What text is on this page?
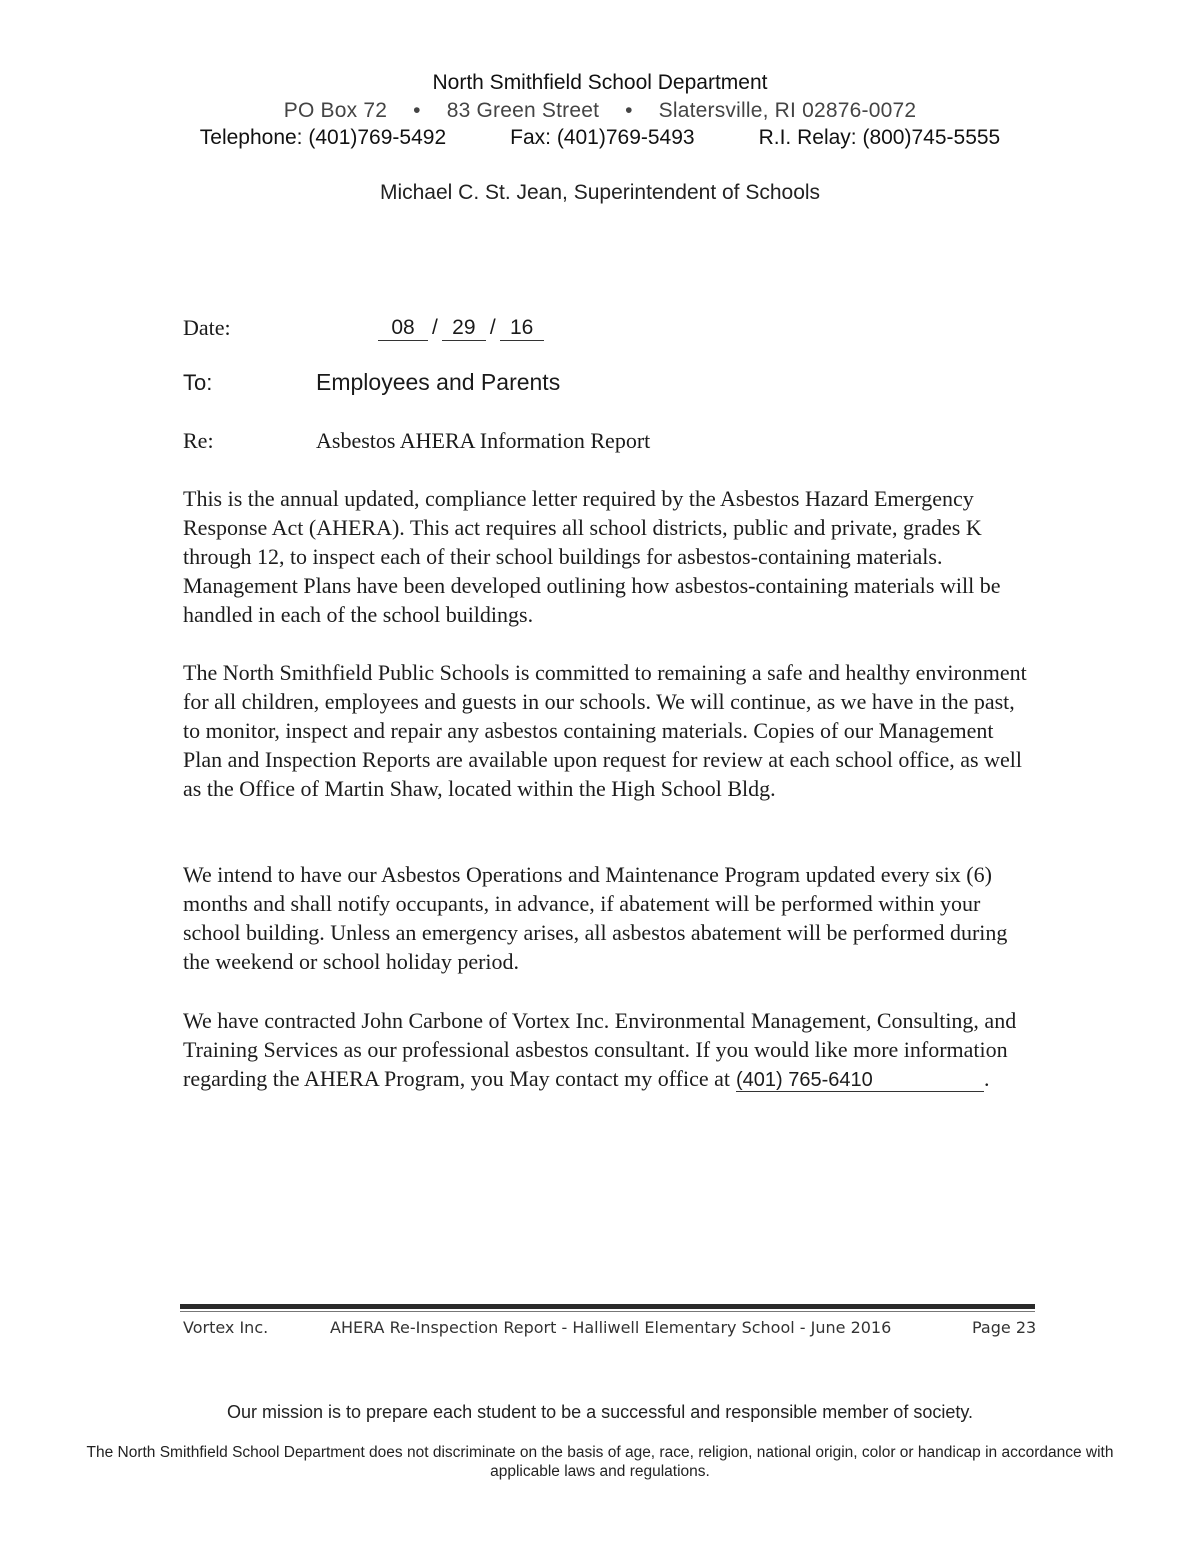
North Smithfield School Department
PO Box 72 • 83 Green Street • Slatersville, RI 02876-0072
Telephone: (401)769-5492	Fax: (401)769-5493	R.I. Relay: (800)745-5555
Michael C. St. Jean, Superintendent of Schools
Date:	08 / 29 / 16
To:	Employees and Parents
Re:	Asbestos AHERA Information Report

This is the annual updated, compliance letter required by the Asbestos Hazard Emergency Response Act (AHERA). This act requires all school districts, public and private, grades K through 12, to inspect each of their school buildings for asbestos-containing materials. Management Plans have been developed outlining how asbestos-containing materials will be handled in each of the school buildings.

The North Smithfield Public Schools is committed to remaining a safe and healthy environment for all children, employees and guests in our schools. We will continue, as we have in the past, to monitor, inspect and repair any asbestos containing materials. Copies of our Management Plan and Inspection Reports are available upon request for review at each school office, as well as the Office of Martin Shaw, located within the High School Bldg.

We intend to have our Asbestos Operations and Maintenance Program updated every six (6) months and shall notify occupants, in advance, if abatement will be performed within your school building. Unless an emergency arises, all asbestos abatement will be performed during the weekend or school holiday period.

We have contracted John Carbone of Vortex Inc. Environmental Management, Consulting, and Training Services as our professional asbestos consultant. If you would like more information regarding the AHERA Program, you May contact my office at (401) 765-6410	.

Vortex Inc.	AHERA Re-Inspection Report - Halliwell Elementary School - June 2016	Page 23
Our mission is to prepare each student to be a successful and responsible member of society.
The North Smithfield School Department does not discriminate on the basis of age, race, religion, national origin, color or handicap in accordance with applicable laws and regulations.
